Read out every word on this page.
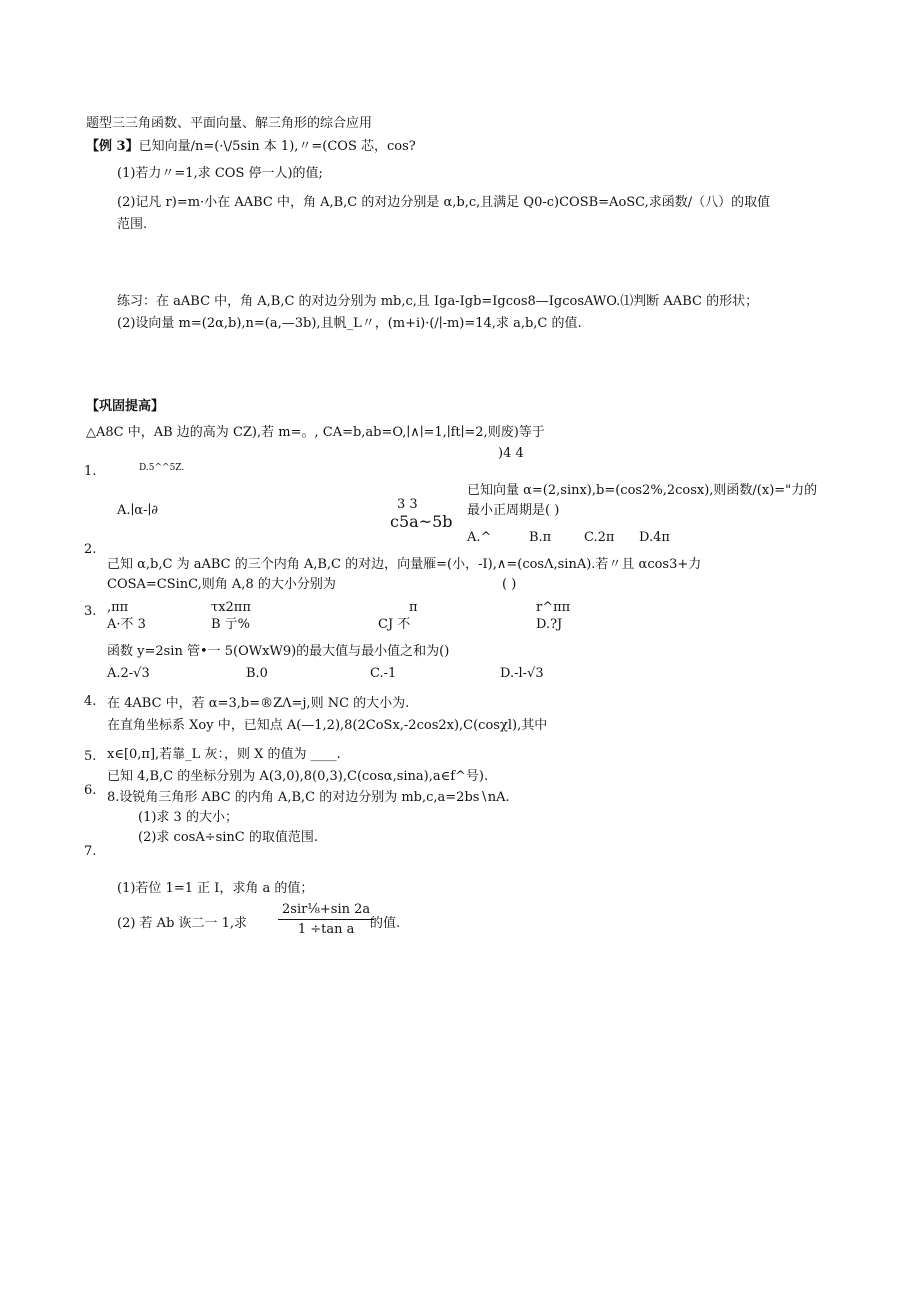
题型三三角函数、平面向量、解三角形的综合应用
【例 3】已知向量/n=(·\/5sin 本 1),〃=(COS 芯，cos?
(1)若力〃=1,求 COS 停一人)的值;
(2)记凡 r)=m·小在 AABC 中，角 A,B,C 的对边分别是 α,b,c,且满足 Q0-c)COSB=AoSC,求函数/（八）的取值
范围.
练习：在 aABC 中，角 A,B,C 的对边分别为 mb,c,且 Iga-Igb=Igcos8—IgcosAWO.⑴判断 AABC 的形状；
(2)设向量 m=(2α,b),n=(a,—3b),且帆_L〃，(m+i)·(/∣-m)=14,求 a,b,C 的值.
【巩固提高】
△A8C 中，AB 边的高为 CZ),若 m=。, CA=b,ab=O,∣∧∣=1,∣ft∣=2,则废)等于
)4 4
1.	D.5^^5Z.
已知向量 α=(2,sinx),b=(cos2%,2cosx),则函数/(x)="力的
A.∣α-∣∂	3 3
c5a~5b
最小正周期是( )
A.^	B.π	C.2π D.4π
2.
己知 α,b,C 为 aABC 的三个内角 A,B,C 的对边，向量雁=(小，-I),∧=(cosΛ,sinA).若〃且 αcos3+力
COSA=CSinC,则角 A,8 的大小分别为	( )
3. ,ππ	τx2ππ	π	r^ππ
A·不 3	B 亍%	CJ 不	D.?J
函数 y=2sin 管•一 5(OWxW9)的最大值与最小值之和为()
A.2-√3	B.0	C.-1	D.-l-√3
4. 在 4ABC 中，若 α=3,b=®ZΛ=j,则 NC 的大小为.
在直角坐标系 Xoy 中，已知点 A(—1,2),8(2CoSx,-2cos2x),C(cosχl),其中
5. x∈[0,π],若靠_L 灰：，则 X 的值为 ____.
已知 4,B,C 的坐标分别为 A(3,0),8(0,3),C(cosα,sina),a∈f^号).
6. 8.设锐角三角形 ABC 的内角 A,B,C 的对边分别为 mb,c,a=2bs∖nA.
(1)求 3 的大小；
(2)求 cosA÷sinC 的取值范围.
7.
(1)若位 1=1 正 I，求角 a 的值；
(2) 若 Ab 诙二一 1,求
2sir⅛+sin 2a
1 ÷tan a	的值.
